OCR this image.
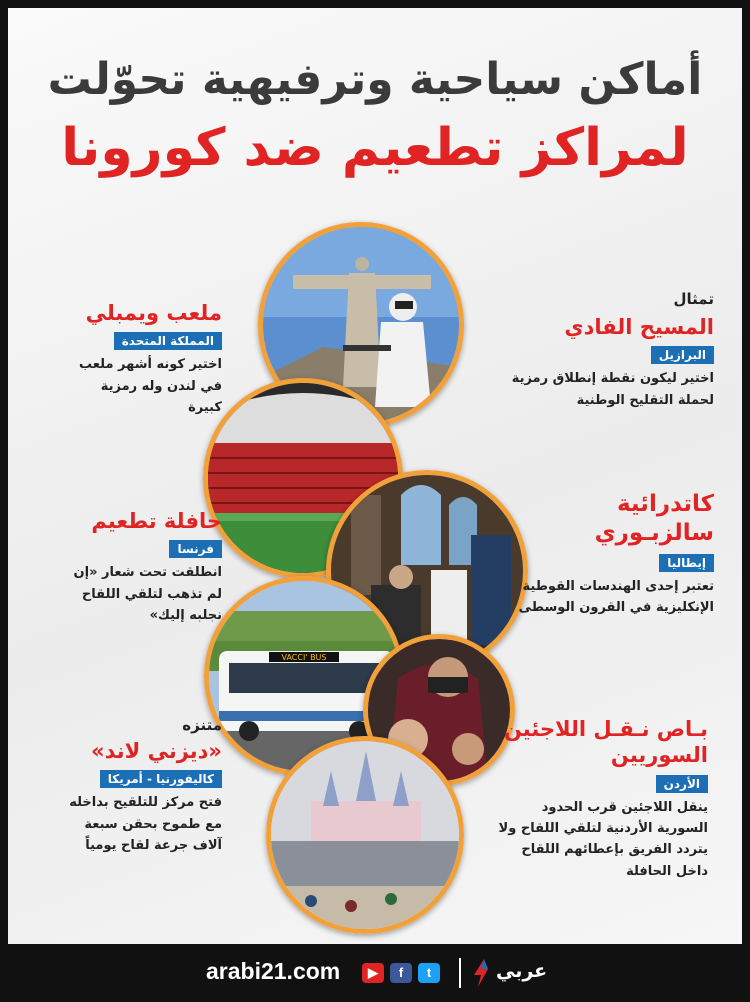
أماكن سياحية وترفيهية تحوّلت
لمراكز تطعيم ضد كورونا
VACCI' BUS
تمثال
المسيح الفادي
البرازيل
اختير ليكون نقطة إنطلاق رمزية لحملة التقليح الوطنية
كاتدرائية سالزبـوري
إيطاليا
تعتبر إحدى الهندسات القوطية الإنكليزية في القرون الوسطى
بـاص نـقـل اللاجئين السوريين
الأردن
ينقل اللاجئين قرب الحدود السورية الأردنية لتلقي اللقاح ولا يتردد الفريق بإعطائهم اللقاح داخل الحافلة
ملعب ويمبلي
المملكة المتحدة
اختير كونه أشهر ملعب في لندن وله رمزية كبيرة
حافلة تطعيم
فرنسا
انطلقت تحت شعار «إن لم تذهب لتلقي اللقاح نجلبه إليك»
متنزه
«ديزني لاند»
كاليفورنيا - أمريكا
فتح مركز للتلقيح بداخله مع طموح بحقن سبعة آلاف جرعة لقاح يومياً
arabi21.com	▶	f	t	عربي
